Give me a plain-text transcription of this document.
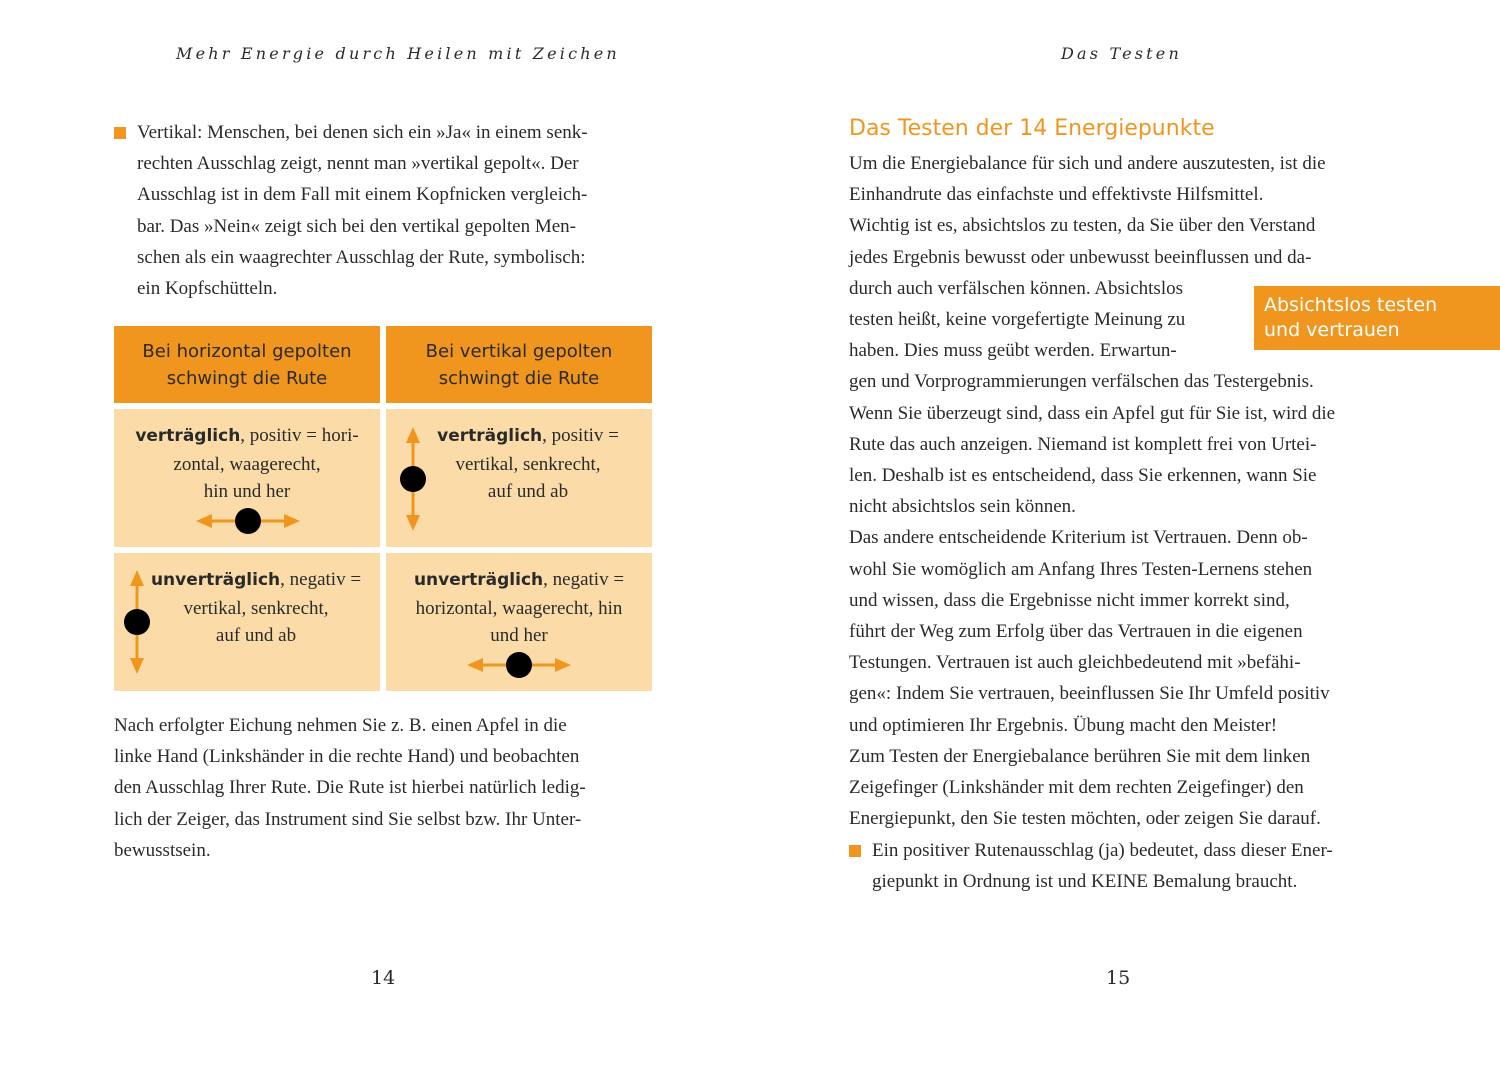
Mehr Energie durch Heilen mit Zeichen
14

Vertikal: Menschen, bei denen sich ein »Ja« in einem senk-

rechten Ausschlag zeigt, nennt man »vertikal gepolt«. Der

Ausschlag ist in dem Fall mit einem Kopfnicken vergleich-

bar. Das »Nein« zeigt sich bei den vertikal gepolten Men-

schen als ein waagrechter Ausschlag der Rute, symbolisch:

ein Kopfschütteln.

Bei horizontal gepolten
schwingt die Rute
Bei vertikal gepolten
schwingt die Rute
verträglich, positiv = hori-
zontal, waagerecht,
hin und her
verträglich, positiv =
vertikal, senkrecht,
auf und ab
unverträglich, negativ =
vertikal, senkrecht,
auf und ab
unverträglich, negativ =
horizontal, waagerecht, hin
und her

Nach erfolgter Eichung nehmen Sie z. B. einen Apfel in die

linke Hand (Linkshänder in die rechte Hand) und beobachten

den Ausschlag Ihrer Rute. Die Rute ist hierbei natürlich ledig-

lich der Zeiger, das Instrument sind Sie selbst bzw. Ihr Unter-

bewusstsein.

Das Testen
15
Das Testen der 14 Energiepunkte

Um die Energiebalance für sich und andere auszutesten, ist die

Einhandrute das einfachste und effektivste Hilfsmittel.

Wichtig ist es, absichtslos zu testen, da Sie über den Verstand

jedes Ergebnis bewusst oder unbewusst beeinflussen und da-

durch auch verfälschen können. Absichtslos

testen heißt, keine vorgefertigte Meinung zu

haben. Dies muss geübt werden. Erwartun-

gen und Vorprogrammierungen verfälschen das Testergebnis.

Wenn Sie überzeugt sind, dass ein Apfel gut für Sie ist, wird die

Rute das auch anzeigen. Niemand ist komplett frei von Urtei-

len. Deshalb ist es entscheidend, dass Sie erkennen, wann Sie

nicht absichtslos sein können.

Das andere entscheidende Kriterium ist Vertrauen. Denn ob-

wohl Sie womöglich am Anfang Ihres Testen-Lernens stehen

und wissen, dass die Ergebnisse nicht immer korrekt sind,

führt der Weg zum Erfolg über das Vertrauen in die eigenen

Testungen. Vertrauen ist auch gleichbedeutend mit »befähi-

gen«: Indem Sie vertrauen, beeinflussen Sie Ihr Umfeld positiv

und optimieren Ihr Ergebnis. Übung macht den Meister!

Zum Testen der Energiebalance berühren Sie mit dem linken

Zeigefinger (Linkshänder mit dem rechten Zeigefinger) den

Energiepunkt, den Sie testen möchten, oder zeigen Sie darauf.

Absichtslos testen
und vertrauen

Ein positiver Rutenausschlag (ja) bedeutet, dass dieser Ener-

giepunkt in Ordnung ist und KEINE Bemalung braucht.
